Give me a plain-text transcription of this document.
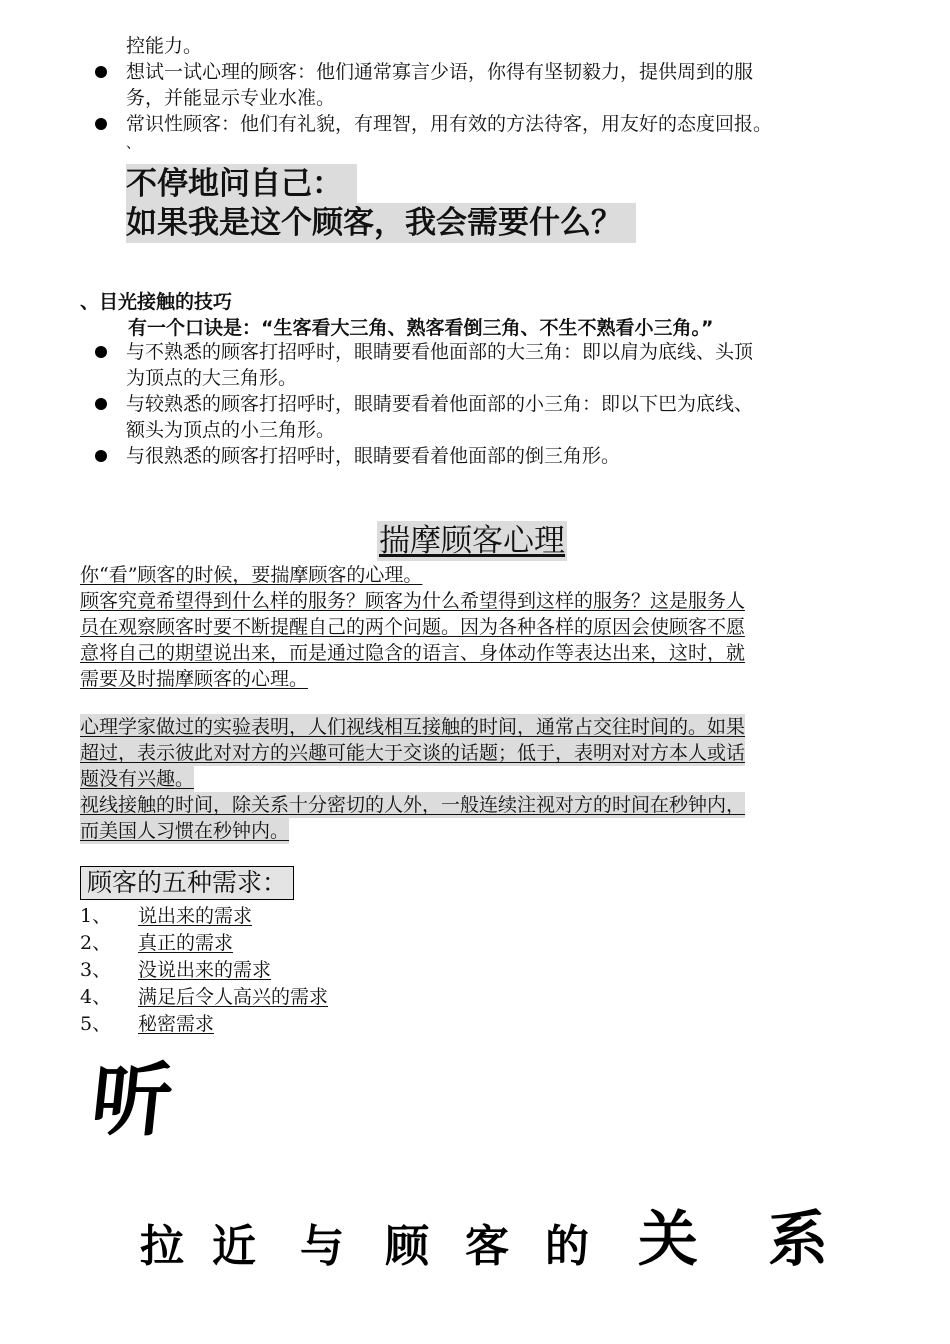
控能力。
想试一试心理的顾客：他们通常寡言少语，你得有坚韧毅力，提供周到的服
务，并能显示专业水准。
常识性顾客：他们有礼貌，有理智，用有效的方法待客，用友好的态度回报。
、
不停地问自己：
如果我是这个顾客，我会需要什么？
、目光接触的技巧
有一个口诀是：“生客看大三角、熟客看倒三角、不生不熟看小三角。”
与不熟悉的顾客打招呼时，眼睛要看他面部的大三角：即以肩为底线、头顶
为顶点的大三角形。
与较熟悉的顾客打招呼时，眼睛要看着他面部的小三角：即以下巴为底线、
额头为顶点的小三角形。
与很熟悉的顾客打招呼时，眼睛要看着他面部的倒三角形。
揣摩顾客心理
你“看”顾客的时候，要揣摩顾客的心理。
顾客究竟希望得到什么样的服务？顾客为什么希望得到这样的服务？这是服务人
员在观察顾客时要不断提醒自己的两个问题。因为各种各样的原因会使顾客不愿
意将自己的期望说出来，而是通过隐含的语言、身体动作等表达出来，这时，就
需要及时揣摩顾客的心理。
心理学家做过的实验表明，人们视线相互接触的时间，通常占交往时间的。如果
超过，表示彼此对对方的兴趣可能大于交谈的话题；低于，表明对对方本人或话
题没有兴趣。
视线接触的时间，除关系十分密切的人外，一般连续注视对方的时间在秒钟内，
而美国人习惯在秒钟内。
顾客的五种需求：
1、 说出来的需求
2、 真正的需求
3、 没说出来的需求
4、 满足后令人高兴的需求
5、 秘密需求
听
拉 近 与 顾 客 的 关 系
